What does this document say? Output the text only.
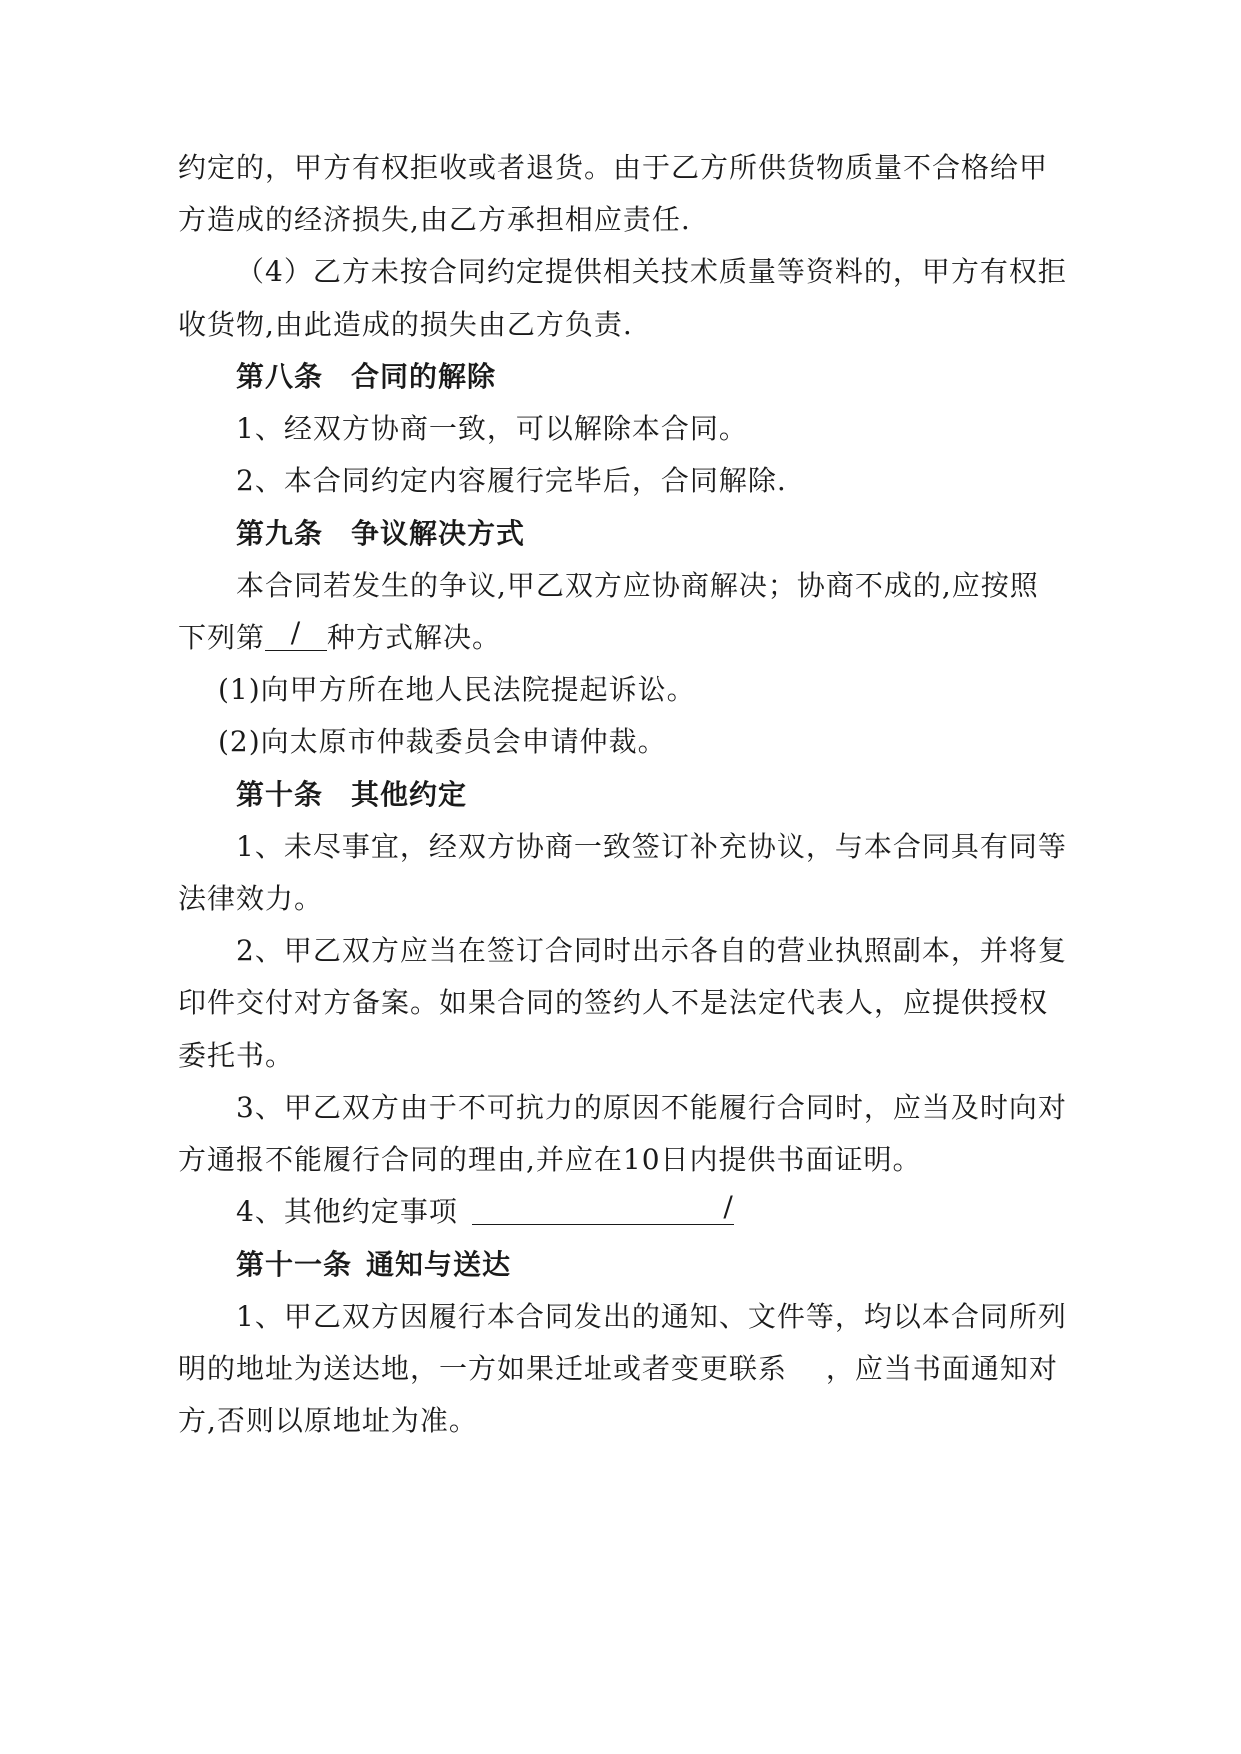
约定的，甲方有权拒收或者退货。由于乙方所供货物质量不合格给甲
方造成的经济损失,由乙方承担相应责任.
（4）乙方未按合同约定提供相关技术质量等资料的，甲方有权拒
收货物,由此造成的损失由乙方负责.
第八条 合同的解除
1、经双方协商一致，可以解除本合同。
2、本合同约定内容履行完毕后，合同解除.
第九条 争议解决方式
本合同若发生的争议,甲乙双方应协商解决；协商不成的,应按照
下列第 / 种方式解决。
(1)向甲方所在地人民法院提起诉讼。
(2)向太原市仲裁委员会申请仲裁。
第十条 其他约定
1、未尽事宜，经双方协商一致签订补充协议，与本合同具有同等
法律效力。
2、甲乙双方应当在签订合同时出示各自的营业执照副本，并将复
印件交付对方备案。如果合同的签约人不是法定代表人，应提供授权
委托书。
3、甲乙双方由于不可抗力的原因不能履行合同时，应当及时向对
方通报不能履行合同的理由,并应在10日内提供书面证明。
4、其他约定事项	/
第十一条 通知与送达
1、甲乙双方因履行本合同发出的通知、文件等，均以本合同所列
明的地址为送达地，一方如果迁址或者变更联系　 ，应当书面通知对
方,否则以原地址为准。
